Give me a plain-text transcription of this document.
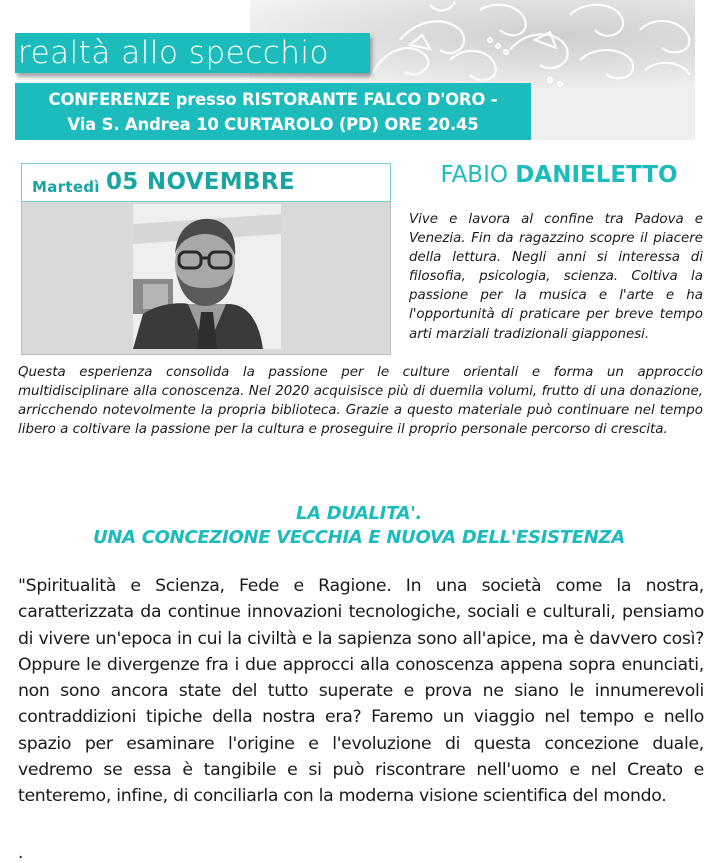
realtà allo specchio
CONFERENZE presso RISTORANTE FALCO D'ORO -
Via S. Andrea 10 CURTAROLO (PD) ORE 20.45
Martedì 05 NOVEMBRE	FABIO DANIELETTO
Vive e lavora al confine tra Padova e Venezia. Fin da ragazzino scopre il piacere della lettura. Negli anni si interessa di filosofia, psicologia, scienza. Coltiva la passione per la musica e l'arte e ha l'opportunità di praticare per breve tempo arti marziali tradizionali giapponesi.
Questa esperienza consolida la passione per le culture orientali e forma un approccio multidisciplinare alla conoscenza. Nel 2020 acquisisce più di duemila volumi, frutto di una donazione, arricchendo notevolmente la propria biblioteca. Grazie a questo materiale può continuare nel tempo libero a coltivare la passione per la cultura e proseguire il proprio personale percorso di crescita.
LA DUALITA'.
UNA CONCEZIONE VECCHIA E NUOVA DELL'ESISTENZA
"Spiritualità e Scienza, Fede e Ragione. In una società come la nostra, caratterizzata da continue innovazioni tecnologiche, sociali e culturali, pensiamo di vivere un'epoca in cui la civiltà e la sapienza sono all'apice, ma è davvero così? Oppure le divergenze fra i due approcci alla conoscenza appena sopra enunciati, non sono ancora state del tutto superate e prova ne siano le innumerevoli contraddizioni tipiche della nostra era? Faremo un viaggio nel tempo e nello spazio per esaminare l'origine e l'evoluzione di questa concezione duale, vedremo se essa è tangibile e si può riscontrare nell'uomo e nel Creato e tenteremo, infine, di conciliarla con la moderna visione scientifica del mondo.
.
